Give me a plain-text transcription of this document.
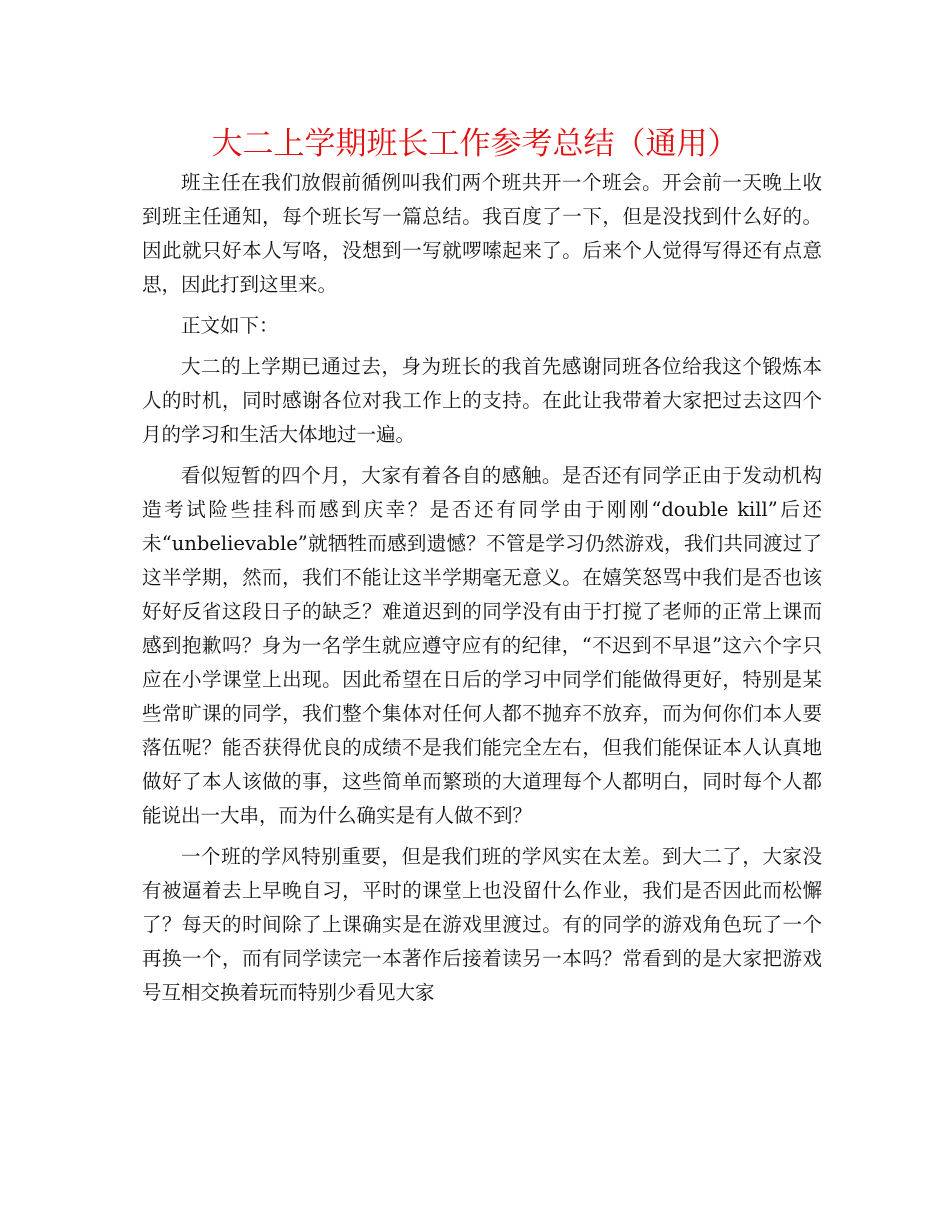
大二上学期班长工作参考总结（通用）

班主任在我们放假前循例叫我们两个班共开一个班会。开会前一天晚上收到班主任通知，每个班长写一篇总结。我百度了一下，但是没找到什么好的。因此就只好本人写咯，没想到一写就啰嗦起来了。后来个人觉得写得还有点意思，因此打到这里来。

正文如下：

大二的上学期已通过去，身为班长的我首先感谢同班各位给我这个锻炼本人的时机，同时感谢各位对我工作上的支持。在此让我带着大家把过去这四个月的学习和生活大体地过一遍。

看似短暂的四个月，大家有着各自的感触。是否还有同学正由于发动机构造考试险些挂科而感到庆幸？是否还有同学由于刚刚“double kill”后还未“unbelievable”就牺牲而感到遗憾？不管是学习仍然游戏，我们共同渡过了这半学期，然而，我们不能让这半学期毫无意义。在嬉笑怒骂中我们是否也该好好反省这段日子的缺乏？难道迟到的同学没有由于打搅了老师的正常上课而感到抱歉吗？身为一名学生就应遵守应有的纪律，“不迟到不早退”这六个字只应在小学课堂上出现。因此希望在日后的学习中同学们能做得更好，特别是某些常旷课的同学，我们整个集体对任何人都不抛弃不放弃，而为何你们本人要落伍呢？能否获得优良的成绩不是我们能完全左右，但我们能保证本人认真地做好了本人该做的事，这些简单而繁琐的大道理每个人都明白，同时每个人都能说出一大串，而为什么确实是有人做不到？

一个班的学风特别重要，但是我们班的学风实在太差。到大二了，大家没有被逼着去上早晚自习，平时的课堂上也没留什么作业，我们是否因此而松懈了？每天的时间除了上课确实是在游戏里渡过。有的同学的游戏角色玩了一个再换一个，而有同学读完一本著作后接着读另一本吗？常看到的是大家把游戏号互相交换着玩而特别少看见大家
